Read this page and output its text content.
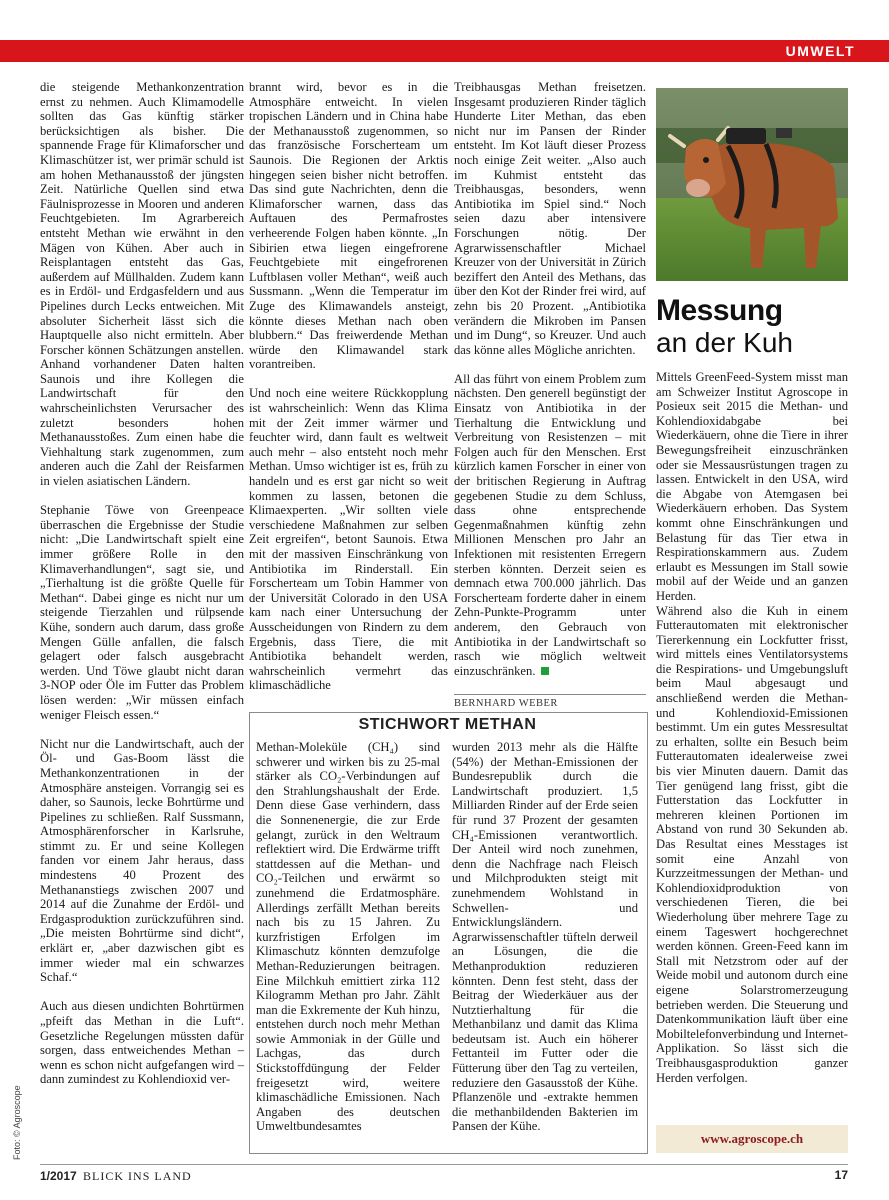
UMWELT

die steigende Methankonzentration ernst zu nehmen. Auch Klimamodelle sollten das Gas künftig stärker berücksichtigen als bisher. Die spannende Frage für Klimaforscher und Klimaschützer ist, wer primär schuld ist am hohen Methanausstoß der jüngsten Zeit. Natürliche Quellen sind etwa Fäulnisprozesse in Mooren und anderen Feuchtgebieten. Im Agrarbereich entsteht Methan wie erwähnt in den Mägen von Kühen. Aber auch in Reisplantagen entsteht das Gas, außerdem auf Müllhalden. Zudem kann es in Erdöl- und Erdgasfeldern und aus Pipelines durch Lecks entweichen. Mit absoluter Sicherheit lässt sich die Hauptquelle also nicht ermitteln. Aber Forscher können Schätzungen anstellen. Anhand vorhandener Daten halten Saunois und ihre Kollegen die Landwirtschaft für den wahrscheinlichsten Verursacher des zuletzt besonders hohen Methanausstoßes. Zum einen habe die Viehhaltung stark zugenommen, zum anderen auch die Zahl der Reisfarmen in vielen asiatischen Ländern.

Stephanie Töwe von Greenpeace überraschen die Ergebnisse der Studie nicht: „Die Landwirtschaft spielt eine immer größere Rolle in den Klimaverhandlungen“, sagt sie, und „Tierhaltung ist die größte Quelle für Methan“. Dabei ginge es nicht nur um steigende Tierzahlen und rülpsende Kühe, sondern auch darum, dass große Mengen Gülle anfallen, die falsch gelagert oder falsch ausgebracht werden. Und Töwe glaubt nicht daran 3-NOP oder Öle im Futter das Problem lösen werden: „Wir müssen einfach weniger Fleisch essen.“

Nicht nur die Landwirtschaft, auch der Öl- und Gas-Boom lässt die Methankonzentrationen in der Atmosphäre ansteigen. Vorrangig sei es daher, so Saunois, lecke Bohrtürme und Pipelines zu schließen. Ralf Sussmann, Atmosphärenforscher in Karlsruhe, stimmt zu. Er und seine Kollegen fanden vor einem Jahr heraus, dass mindestens 40 Prozent des Methananstiegs zwischen 2007 und 2014 auf die Zunahme der Erdöl- und Erdgasproduktion zurückzuführen sind. „Die meisten Bohrtürme sind dicht“, erklärt er, „aber dazwischen gibt es immer wieder mal ein schwarzes Schaf.“

Auch aus diesen undichten Bohrtürmen „pfeift das Methan in die Luft“. Gesetzliche Regelungen müssten dafür sorgen, dass entweichendes Methan – wenn es schon nicht aufgefangen wird – dann zumindest zu Kohlendioxid ver-

brannt wird, bevor es in die Atmosphäre entweicht. In vielen tropischen Ländern und in China habe der Methanausstoß zugenommen, so das französische Forscherteam um Saunois. Die Regionen der Arktis hingegen seien bisher nicht betroffen. Das sind gute Nachrichten, denn die Klimaforscher warnen, dass das Auftauen des Permafrostes verheerende Folgen haben könnte. „In Sibirien etwa liegen eingefrorene Feuchtgebiete mit eingefrorenen Luftblasen voller Methan“, weiß auch Sussmann. „Wenn die Temperatur im Zuge des Klimawandels ansteigt, könnte dieses Methan nach oben blubbern.“ Das freiwerdende Methan würde den Klimawandel stark vorantreiben.

Und noch eine weitere Rückkopplung ist wahrscheinlich: Wenn das Klima mit der Zeit immer wärmer und feuchter wird, dann fault es weltweit auch mehr – also entsteht noch mehr Methan. Umso wichtiger ist es, früh zu handeln und es erst gar nicht so weit kommen zu lassen, betonen die Klimaexperten. „Wir sollten viele verschiedene Maßnahmen zur selben Zeit ergreifen“, betont Saunois. Etwa mit der massiven Einschränkung von Antibiotika im Rinderstall. Ein Forscherteam um Tobin Hammer von der Universität Colorado in den USA kam nach einer Untersuchung der Ausscheidungen von Rindern zu dem Ergebnis, dass Tiere, die mit Antibiotika behandelt werden, wahrscheinlich vermehrt das klimaschädliche

Treibhausgas Methan freisetzen. Insgesamt produzieren Rinder täglich Hunderte Liter Methan, das eben nicht nur im Pansen der Rinder entsteht. Im Kot läuft dieser Prozess noch einige Zeit weiter. „Also auch im Kuhmist entsteht das Treibhausgas, besonders, wenn Antibiotika im Spiel sind.“ Noch seien dazu aber intensivere Forschungen nötig. Der Agrarwissenschaftler Michael Kreuzer von der Universität in Zürich beziffert den Anteil des Methans, das über den Kot der Rinder frei wird, auf zehn bis 20 Prozent. „Antibiotika verändern die Mikroben im Pansen und im Dung“, so Kreuzer. Und auch das könne alles Mögliche anrichten.

All das führt von einem Problem zum nächsten. Den generell begünstigt der Einsatz von Antibiotika in der Tierhaltung die Entwicklung und Verbreitung von Resistenzen – mit Folgen auch für den Menschen. Erst kürzlich kamen Forscher in einer von der britischen Regierung in Auftrag gegebenen Studie zu dem Schluss, dass ohne entsprechende Gegenmaßnahmen künftig zehn Millionen Menschen pro Jahr an Infektionen mit resistenten Erregern sterben könnten. Derzeit seien es demnach etwa 700.000 jährlich. Das Forscherteam forderte daher in einem Zehn-Punkte-Programm unter anderem, den Gebrauch von Antibiotika in der Landwirtschaft so rasch wie möglich weltweit einzuschränken.

BERNHARD WEBER
STICHWORT METHAN
Methan-Moleküle (CH₄) sind schwerer und wirken bis zu 25-mal stärker als CO₂-Verbindungen auf den Strahlungshaushalt der Erde. Denn diese Gase verhindern, dass die Sonnenenergie, die zur Erde gelangt, zurück in den Weltraum reflektiert wird. Die Erdwärme trifft stattdessen auf die Methan- und CO₂-Teilchen und erwärmt so zunehmend die Erdatmosphäre. Allerdings zerfällt Methan bereits nach bis zu 15 Jahren. Zu kurzfristigen Erfolgen im Klimaschutz könnten demzufolge Methan-Reduzierungen beitragen. Eine Milchkuh emittiert zirka 112 Kilogramm Methan pro Jahr. Zählt man die Exkremente der Kuh hinzu, entstehen durch noch mehr Methan sowie Ammoniak in der Gülle und Lachgas, das durch Stickstoffdüngung der Felder freigesetzt wird, weitere klimaschädliche Emissionen. Nach Angaben des deutschen Umweltbundesamtes
wurden 2013 mehr als die Hälfte (54%) der Methan-Emissionen der Bundesrepublik durch die Landwirtschaft produziert. 1,5 Milliarden Rinder auf der Erde seien für rund 37 Prozent der gesamten CH₄-Emissionen verantwortlich. Der Anteil wird noch zunehmen, denn die Nachfrage nach Fleisch und Milchprodukten steigt mit zunehmendem Wohlstand in Schwellen- und Entwicklungsländern. Agrarwissenschaftler tüfteln derweil an Lösungen, die die Methanproduktion reduzieren könnten. Denn fest steht, dass der Beitrag der Wiederkäuer aus der Nutztierhaltung für die Methanbilanz und damit das Klima bedeutsam ist. Auch ein höherer Fettanteil im Futter oder die Fütterung über den Tag zu verteilen, reduziere den Gasausstoß der Kühe. Pflanzenöle und -extrakte hemmen die methanbildenden Bakterien im Pansen der Kühe.
Messung
an der Kuh

Mittels GreenFeed-System misst man am Schweizer Institut Agroscope in Posieux seit 2015 die Methan- und Kohlendioxidabgabe bei Wiederkäuern, ohne die Tiere in ihrer Bewegungsfreiheit einzuschränken oder sie Messausrüstungen tragen zu lassen. Entwickelt in den USA, wird die Abgabe von Atemgasen bei Wiederkäuern erhoben. Das System kommt ohne Einschränkungen und Belastung für das Tier etwa in Respirationskammern aus. Zudem erlaubt es Messungen im Stall sowie mobil auf der Weide und an ganzen Herden.

Während also die Kuh in einem Futterautomaten mit elektronischer Tiererkennung ein Lockfutter frisst, wird mittels eines Ventilatorsystems die Respirations- und Umgebungsluft beim Maul abgesaugt und anschließend werden die Methan- und Kohlendioxid-Emissionen bestimmt. Um ein gutes Messresultat zu erhalten, sollte ein Besuch beim Futterautomaten idealerweise zwei bis vier Minuten dauern. Damit das Tier genügend lang frisst, gibt die Futterstation das Lockfutter in mehreren kleinen Portionen im Abstand von rund 30 Sekunden ab. Das Resultat eines Messtages ist somit eine Anzahl von Kurzzeitmessungen der Methan- und Kohlendioxidproduktion von verschiedenen Tieren, die bei Wiederholung über mehrere Tage zu einem Tageswert hochgerechnet werden können. Green-Feed kann im Stall mit Netzstrom oder auf der Weide mobil und autonom durch eine eigene Solarstromerzeugung betrieben werden. Die Steuerung und Datenkommunikation läuft über eine Mobiltelefonverbindung und Internet-Applikation. So lässt sich die Treibhausgasproduktion ganzer Herden verfolgen.

www.agroscope.ch
Foto: © Agroscope
1/2017 BLICK INS LAND	17
